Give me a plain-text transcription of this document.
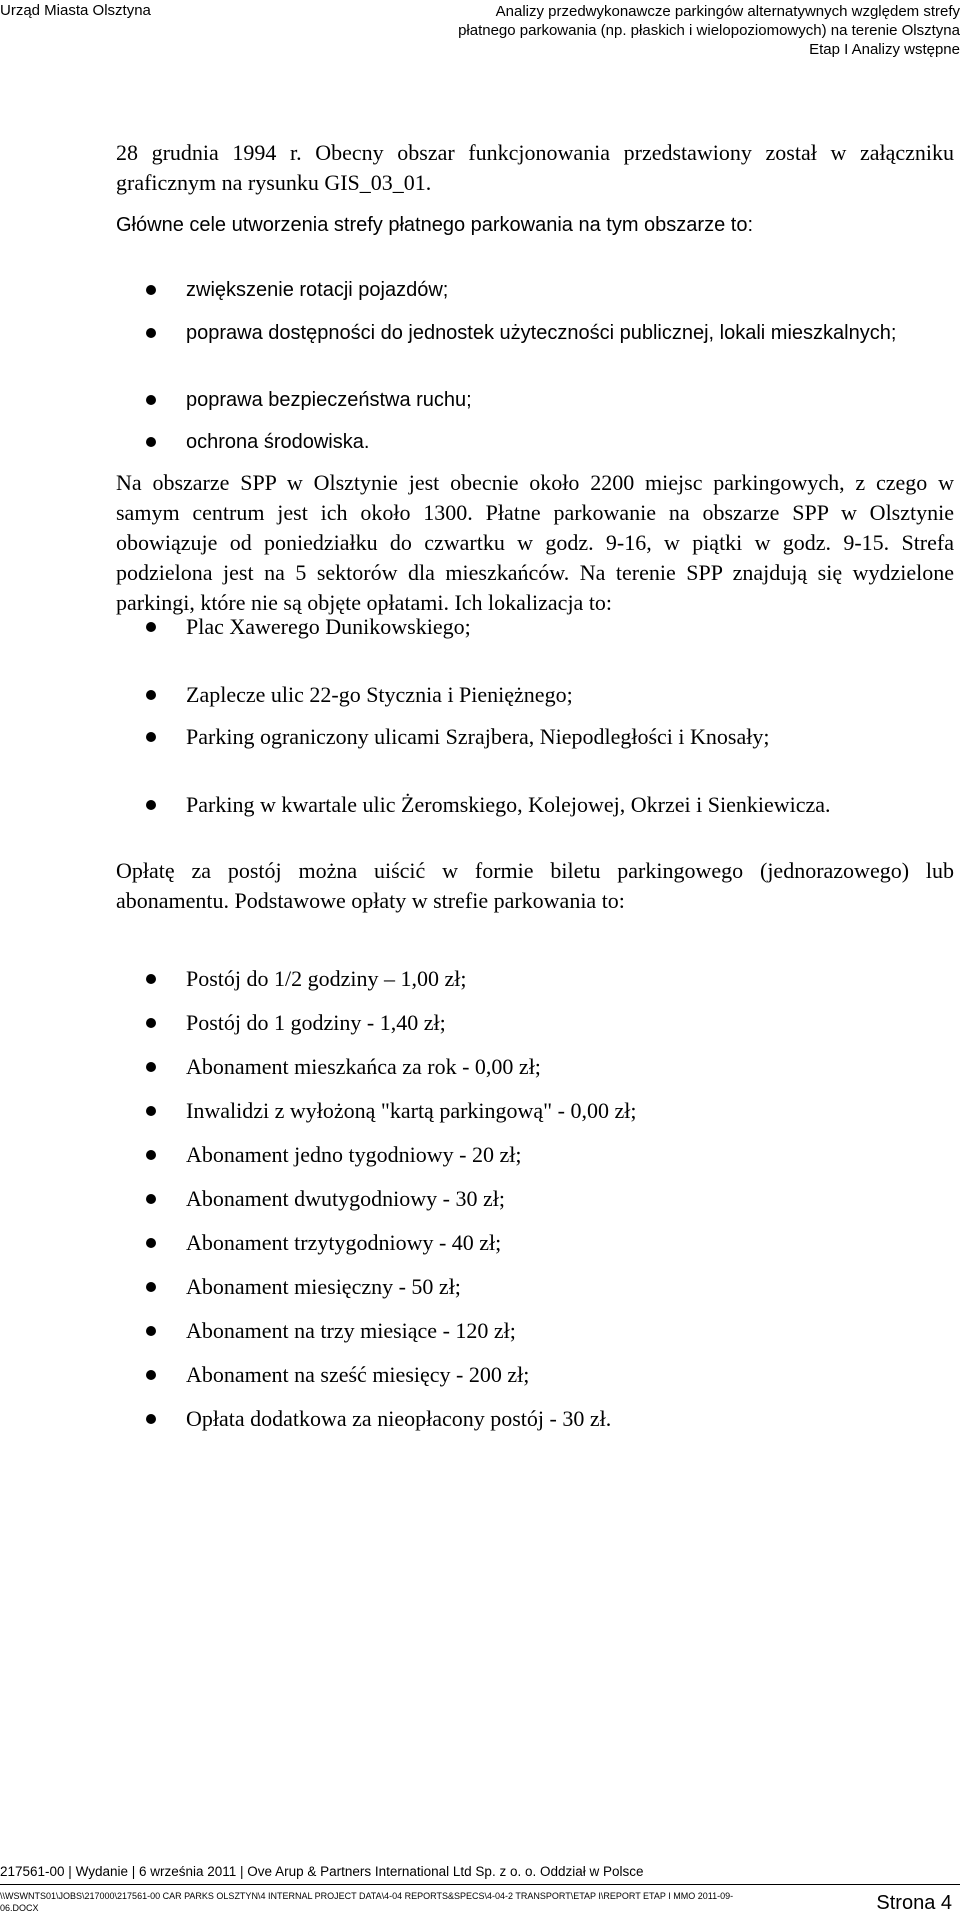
Urząd Miasta Olsztyna	Analizy przedwykonawcze parkingów alternatywnych względem strefy
płatnego parkowania (np. płaskich i wielopoziomowych) na terenie Olsztyna
Etap I Analizy wstępne

28 grudnia 1994 r. Obecny obszar funkcjonowania przedstawiony został w załączniku graficznym na rysunku GIS_03_01.

Główne cele utworzenia strefy płatnego parkowania na tym obszarze to:

zwiększenie rotacji pojazdów;
poprawa dostępności do jednostek użyteczności publicznej, lokali mieszkalnych;
poprawa bezpieczeństwa ruchu;
ochrona środowiska.

Na obszarze SPP w Olsztynie jest obecnie około 2200 miejsc parkingowych, z czego w samym centrum jest ich około 1300. Płatne parkowanie na obszarze SPP w Olsztynie obowiązuje od poniedziałku do czwartku w godz. 9-16, w piątki w godz. 9-15. Strefa podzielona jest na 5 sektorów dla mieszkańców. Na terenie SPP znajdują się wydzielone parkingi, które nie są objęte opłatami. Ich lokalizacja to:

Plac Xawerego Dunikowskiego;
Zaplecze ulic 22-go Stycznia i Pieniężnego;
Parking ograniczony ulicami Szrajbera, Niepodległości i Knosały;
Parking w kwartale ulic Żeromskiego, Kolejowej, Okrzei i Sienkiewicza.

Opłatę za postój można uiścić w formie biletu parkingowego (jednorazowego) lub abonamentu. Podstawowe opłaty w strefie parkowania to:

Postój do 1/2 godziny – 1,00 zł;
Postój do 1 godziny - 1,40 zł;
Abonament mieszkańca za rok - 0,00 zł;
Inwalidzi z wyłożoną "kartą parkingową" - 0,00 zł;
Abonament jedno tygodniowy - 20 zł;
Abonament dwutygodniowy - 30 zł;
Abonament trzytygodniowy - 40 zł;
Abonament miesięczny - 50 zł;
Abonament na trzy miesiące - 120 zł;
Abonament na sześć miesięcy - 200 zł;
Opłata dodatkowa za nieopłacony postój - 30 zł.
217561-00 | Wydanie | 6 września 2011 | Ove Arup & Partners International Ltd Sp. z o. o. Oddział w Polsce
\\WSWNTS01\JOBS\217000\217561-00 CAR PARKS OLSZTYN\4 INTERNAL PROJECT DATA\4-04 REPORTS&SPECS\4-04-2 TRANSPORT\ETAP I\REPORT ETAP I MMO 2011-09-06.DOCX	Strona 4
